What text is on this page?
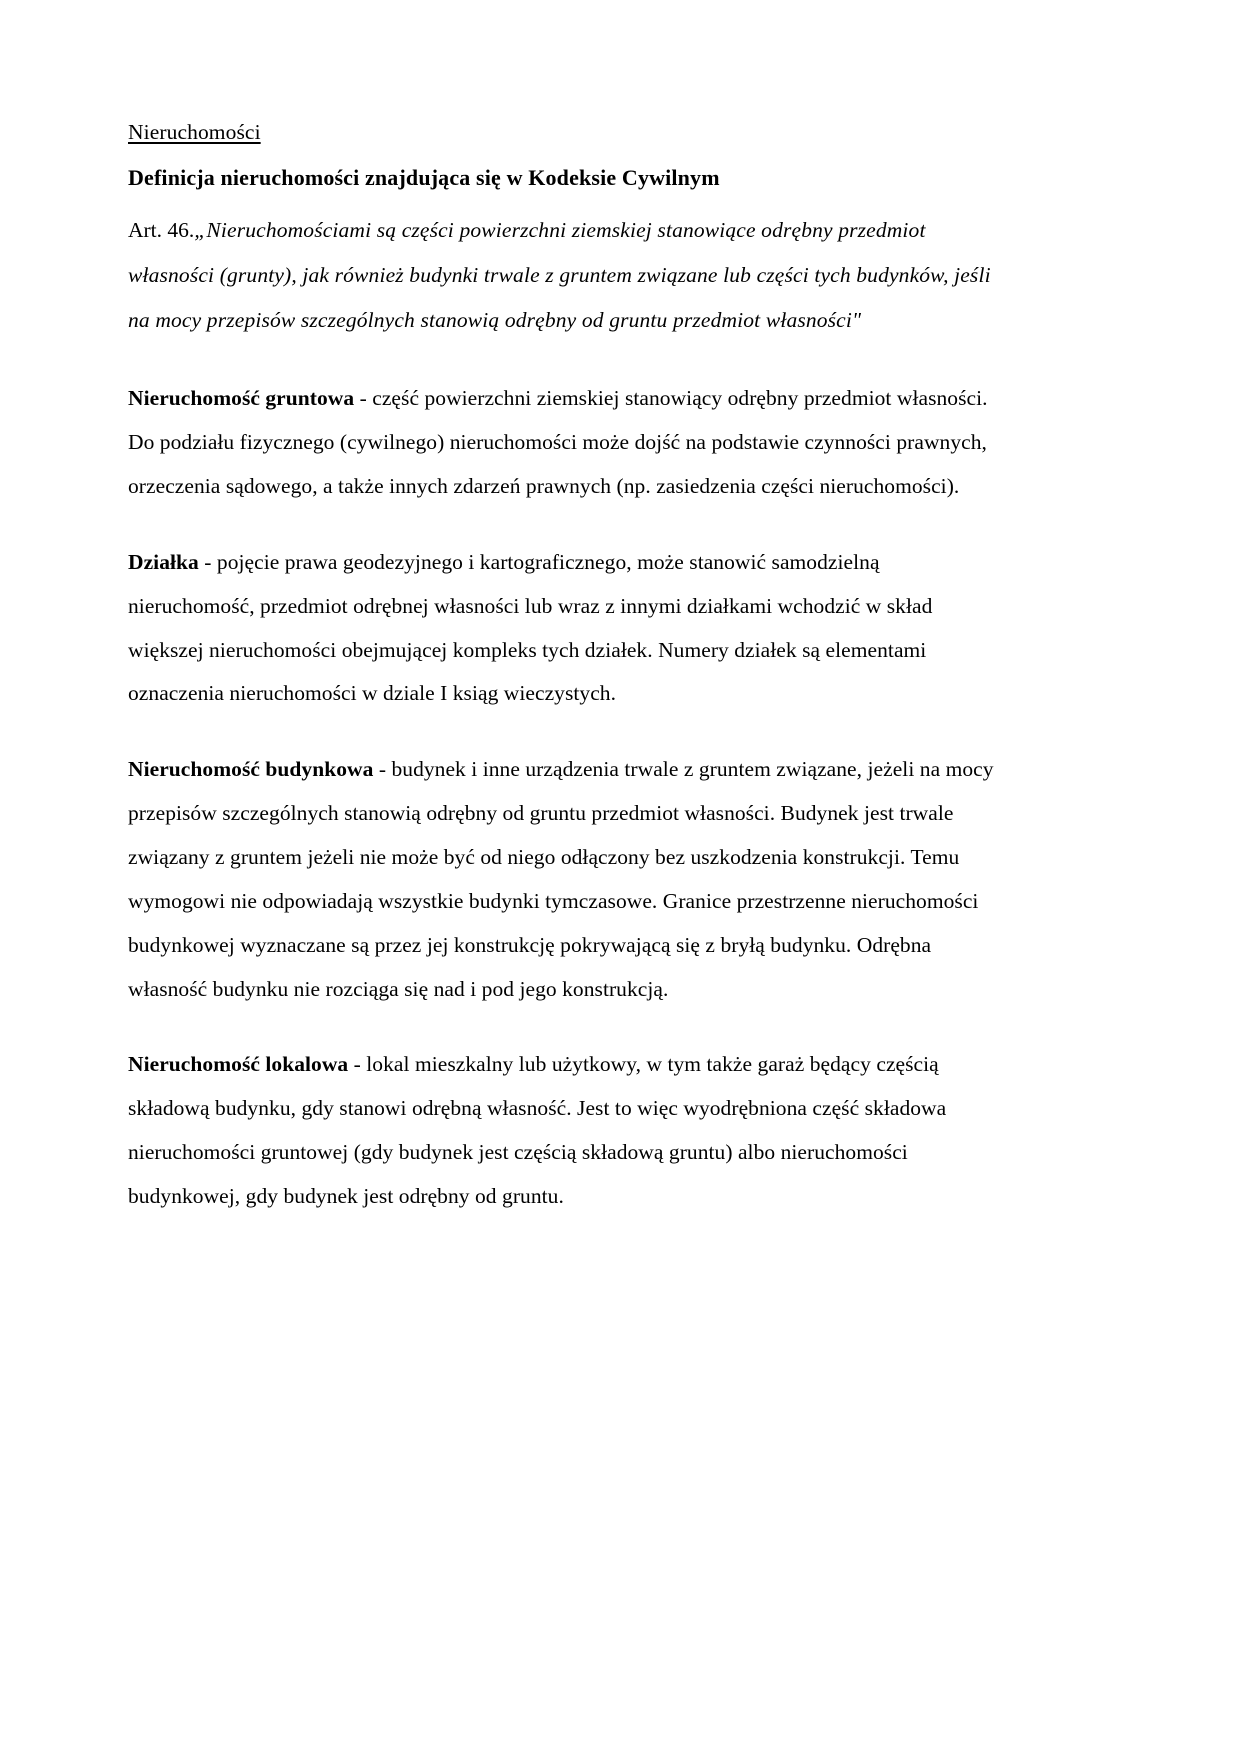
Nieruchomości

Definicja nieruchomości znajdująca się w Kodeksie Cywilnym

Art. 46.„Nieruchomościami są części powierzchni ziemskiej stanowiące odrębny przedmiot własności (grunty), jak również budynki trwale z gruntem związane lub części tych budynków, jeśli na mocy przepisów szczególnych stanowią odrębny od gruntu przedmiot własności"

Nieruchomość gruntowa - część powierzchni ziemskiej stanowiący odrębny przedmiot własności. Do podziału fizycznego (cywilnego) nieruchomości może dojść na podstawie czynności prawnych, orzeczenia sądowego, a także innych zdarzeń prawnych (np. zasiedzenia części nieruchomości).

Działka - pojęcie prawa geodezyjnego i kartograficznego, może stanowić samodzielną nieruchomość, przedmiot odrębnej własności lub wraz z innymi działkami wchodzić w skład większej nieruchomości obejmującej kompleks tych działek. Numery działek są elementami oznaczenia nieruchomości w dziale I ksiąg wieczystych.

Nieruchomość budynkowa - budynek i inne urządzenia trwale z gruntem związane, jeżeli na mocy przepisów szczególnych stanowią odrębny od gruntu przedmiot własności. Budynek jest trwale związany z gruntem jeżeli nie może być od niego odłączony bez uszkodzenia konstrukcji. Temu wymogowi nie odpowiadają wszystkie budynki tymczasowe. Granice przestrzenne nieruchomości budynkowej wyznaczane są przez jej konstrukcję pokrywającą się z bryłą budynku. Odrębna własność budynku nie rozciąga się nad i pod jego konstrukcją.

Nieruchomość lokalowa - lokal mieszkalny lub użytkowy, w tym także garaż będący częścią składową budynku, gdy stanowi odrębną własność. Jest to więc wyodrębniona część składowa nieruchomości gruntowej (gdy budynek jest częścią składową gruntu) albo nieruchomości budynkowej, gdy budynek jest odrębny od gruntu.
